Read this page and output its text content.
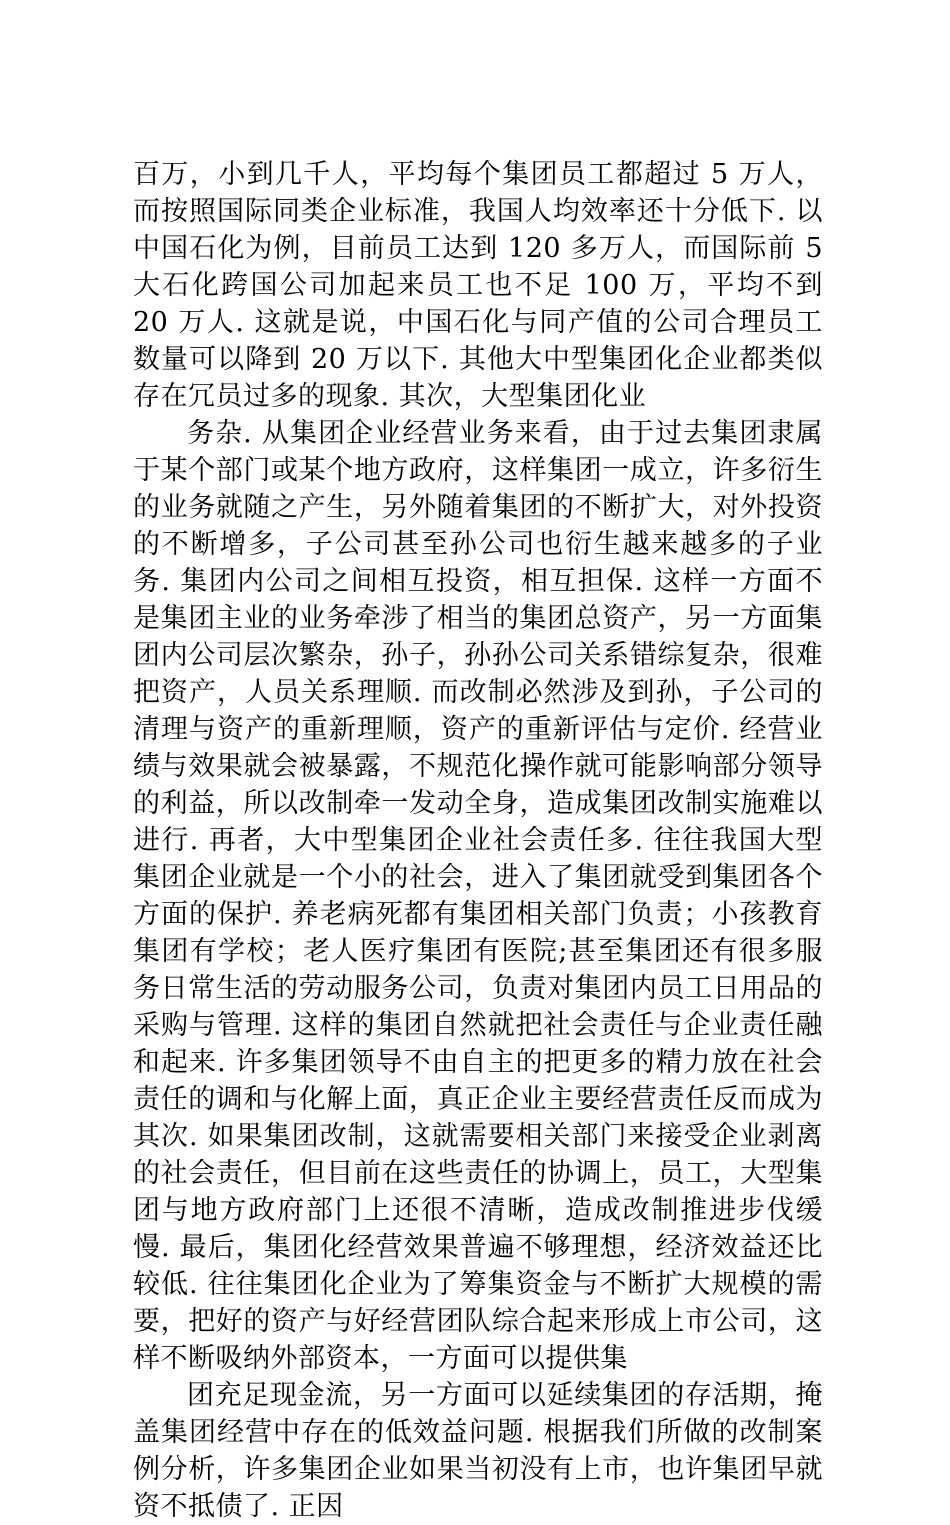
百万，小到几千人，平均每个集团员工都超过 5 万人，而按照国际同类企业标准，我国人均效率还十分低下. 以中国石化为例，目前员工达到 120 多万人，而国际前 5 大石化跨国公司加起来员工也不足 100 万，平均不到 20 万人. 这就是说，中国石化与同产值的公司合理员工数量可以降到 20 万以下. 其他大中型集团化企业都类似存在冗员过多的现象. 其次，大型集团化业

务杂. 从集团企业经营业务来看，由于过去集团隶属于某个部门或某个地方政府，这样集团一成立，许多衍生的业务就随之产生，另外随着集团的不断扩大，对外投资的不断增多，子公司甚至孙公司也衍生越来越多的子业务. 集团内公司之间相互投资，相互担保. 这样一方面不是集团主业的业务牵涉了相当的集团总资产，另一方面集团内公司层次繁杂，孙子，孙孙公司关系错综复杂，很难把资产，人员关系理顺. 而改制必然涉及到孙，子公司的清理与资产的重新理顺，资产的重新评估与定价. 经营业绩与效果就会被暴露，不规范化操作就可能影响部分领导的利益，所以改制牵一发动全身，造成集团改制实施难以进行. 再者，大中型集团企业社会责任多. 往往我国大型集团企业就是一个小的社会，进入了集团就受到集团各个方面的保护. 养老病死都有集团相关部门负责；小孩教育集团有学校；老人医疗集团有医院;甚至集团还有很多服务日常生活的劳动服务公司，负责对集团内员工日用品的采购与管理. 这样的集团自然就把社会责任与企业责任融和起来. 许多集团领导不由自主的把更多的精力放在社会责任的调和与化解上面，真正企业主要经营责任反而成为其次. 如果集团改制，这就需要相关部门来接受企业剥离的社会责任，但目前在这些责任的协调上，员工，大型集团与地方政府部门上还很不清晰，造成改制推进步伐缓慢. 最后，集团化经营效果普遍不够理想，经济效益还比较低. 往往集团化企业为了筹集资金与不断扩大规模的需要，把好的资产与好经营团队综合起来形成上市公司，这样不断吸纳外部资本，一方面可以提供集

团充足现金流，另一方面可以延续集团的存活期，掩盖集团经营中存在的低效益问题. 根据我们所做的改制案例分析，许多集团企业如果当初没有上市，也许集团早就资不抵债了. 正因
